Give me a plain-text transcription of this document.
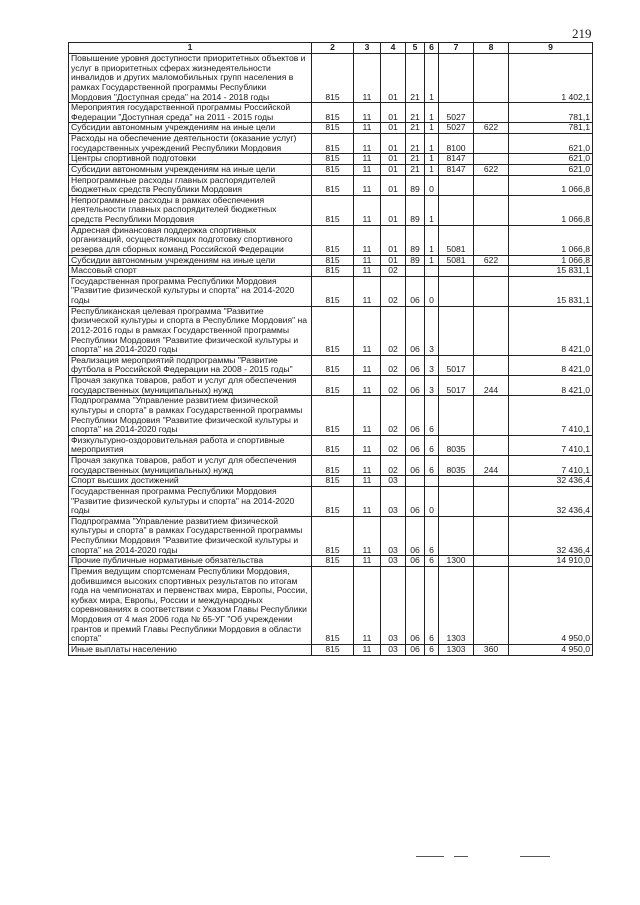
219
1	2	3	4	5	6	7	8	9
Повышение уровня доступности приоритетных объектов и услуг в приоритетных сферах жизнедеятельности инвалидов и других маломобильных групп населения в рамках Государственной программы Республики Мордовия "Доступная среда" на 2014 - 2018 годы	815	11	01	21	1			1 402,1
Мероприятия государственной программы Российской Федерации "Доступная среда" на 2011 - 2015 годы	815	11	01	21	1	5027		781,1
Субсидии автономным учреждениям на иные цели	815	11	01	21	1	5027	622	781,1
Расходы на обеспечение деятельности (оказание услуг) государственных учреждений Республики Мордовия	815	11	01	21	1	8100		621,0
Центры спортивной подготовки	815	11	01	21	1	8147		621,0
Субсидии автономным учреждениям на иные цели	815	11	01	21	1	8147	622	621,0
Непрограммные расходы главных распорядителей бюджетных средств Республики Мордовия	815	11	01	89	0			1 066,8
Непрограммные расходы в рамках обеспечения деятельности главных распорядителей бюджетных средств Республики Мордовия	815	11	01	89	1			1 066,8
Адресная финансовая поддержка спортивных организаций, осуществляющих подготовку спортивного резерва для сборных команд Российской Федерации	815	11	01	89	1	5081		1 066,8
Субсидии автономным учреждениям на иные цели	815	11	01	89	1	5081	622	1 066,8
Массовый спорт	815	11	02					15 831,1
Государственная программа Республики Мордовия "Развитие физической культуры и спорта" на 2014-2020 годы	815	11	02	06	0			15 831,1
Республиканская целевая программа "Развитие физической культуры и спорта в Республике Мордовия" на 2012-2016 годы в рамках Государственной программы Республики Мордовия "Развитие физической культуры и спорта" на 2014-2020 годы	815	11	02	06	3			8 421,0
Реализация мероприятий подпрограммы "Развитие футбола в Российской Федерации на 2008 - 2015 годы"	815	11	02	06	3	5017		8 421,0
Прочая закупка товаров, работ и услуг для обеспечения государственных (муниципальных) нужд	815	11	02	06	3	5017	244	8 421,0
Подпрограмма "Управление развитием физической культуры и спорта" в рамках Государственной программы Республики Мордовия "Развитие физической культуры и спорта" на 2014-2020 годы	815	11	02	06	6			7 410,1
Физкультурно-оздоровительная работа и спортивные мероприятия	815	11	02	06	6	8035		7 410,1
Прочая закупка товаров, работ и услуг для обеспечения государственных (муниципальных) нужд	815	11	02	06	6	8035	244	7 410,1
Спорт высших достижений	815	11	03					32 436,4
Государственная программа Республики Мордовия "Развитие физической культуры и спорта" на 2014-2020 годы	815	11	03	06	0			32 436,4
Подпрограмма "Управление развитием физической культуры и спорта" в рамках Государственной программы Республики Мордовия "Развитие физической культуры и спорта" на 2014-2020 годы	815	11	03	06	6			32 436,4
Прочие публичные нормативные обязательства	815	11	03	06	6	1300		14 910,0
Премия ведущим спортсменам Республики Мордовия, добившимся высоких спортивных результатов по итогам года на чемпионатах и первенствах мира, Европы, России, кубках мира, Европы, России и международных соревнованиях в соответствии с Указом Главы Республики Мордовия от 4 мая 2006 года № 65-УГ "Об учреждении грантов и премий Главы Республики Мордовия в области спорта"	815	11	03	06	6	1303		4 950,0
Иные выплаты населению	815	11	03	06	6	1303	360	4 950,0
